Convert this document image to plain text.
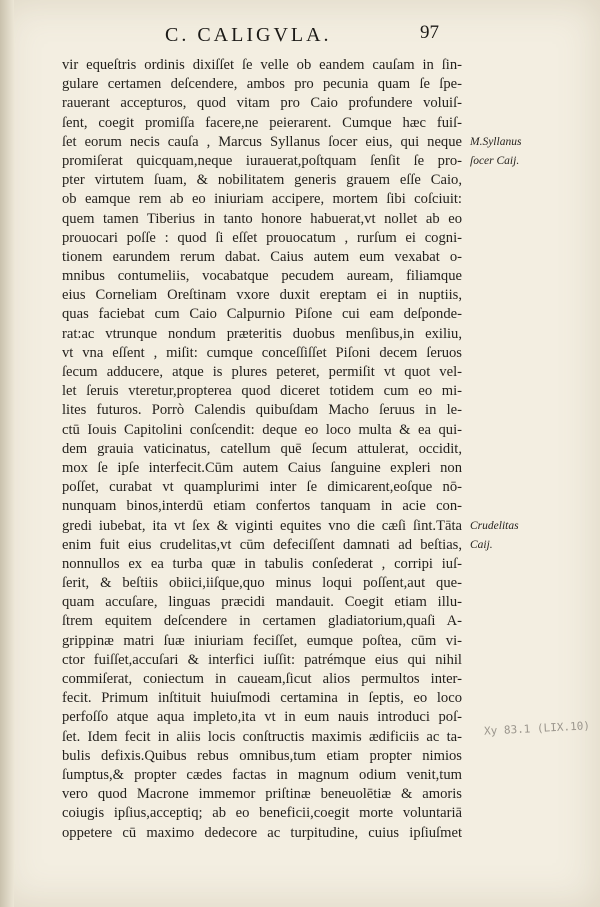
C. CALIGVLA.	97
vir equeſtris ordinis dixiſſet ſe velle ob eandem cauſam in ſin-
gulare certamen deſcendere, ambos pro pecunia quam ſe ſpe-
rauerant accepturos, quod vitam pro Caio profundere voluiſ-
ſent, coegit promiſſa facere,ne peierarent. Cumque hæc fuiſ-
ſet eorum necis cauſa , Marcus Syllanus ſocer eius, qui neque
promiſerat quicquam,neque iurauerat,poſtquam ſenſit ſe pro-
pter virtutem ſuam, & nobilitatem generis grauem eſſe Caio,
ob eamque rem ab eo iniuriam accipere, mortem ſibi coſciuit:
quem tamen Tiberius in tanto honore habuerat,vt nollet ab eo
prouocari poſſe : quod ſi eſſet prouocatum , rurſum ei cogni-
tionem earundem rerum dabat. Caius autem eum vexabat o-
mnibus contumeliis, vocabatque pecudem auream, filiamque
eius Corneliam Oreſtinam vxore duxit ereptam ei in nuptiis,
quas faciebat cum Caio Calpurnio Piſone cui eam deſponde-
rat:ac vtrunque nondum præteritis duobus menſibus,in exiliu,
vt vna eſſent , miſit: cumque conceſſiſſet Piſoni decem ſeruos
ſecum adducere, atque is plures peteret, permiſit vt quot vel-
let ſeruis vteretur,propterea quod diceret totidem cum eo mi-
lites futuros. Porrò Calendis quibuſdam Macho ſeruus in le-
ctū Iouis Capitolini conſcendit: deque eo loco multa & ea qui-
dem grauia vaticinatus, catellum quē ſecum attulerat, occidit,
mox ſe ipſe interfecit.Cūm autem Caius ſanguine expleri non
poſſet, curabat vt quamplurimi inter ſe dimicarent,eoſque nō-
nunquam binos,interdū etiam confertos tanquam in acie con-
gredi iubebat, ita vt ſex & viginti equites vno die cæſi ſint.Tāta
enim fuit eius crudelitas,vt cūm defeciſſent damnati ad beſtias,
nonnullos ex ea turba quæ in tabulis conſederat , corripi iuſ-
ſerit, & beſtiis obiici,iiſque,quo minus loqui poſſent,aut que-
quam accuſare, linguas præcidi mandauit. Coegit etiam illu-
ſtrem equitem deſcendere in certamen gladiatorium,quaſi A-
grippinæ matri ſuæ iniuriam feciſſet, eumque poſtea, cūm vi-
ctor fuiſſet,accuſari & interfici iuſſit: patrémque eius qui nihil
commiſerat, coniectum in caueam,ſicut alios permultos inter-
fecit. Primum inſtituit huiuſmodi certamina in ſeptis, eo loco
perfoſſo atque aqua impleto,ita vt in eum nauis introduci poſ-
ſet. Idem fecit in aliis locis conſtructis maximis ædificiis ac ta-
bulis defixis.Quibus rebus omnibus,tum etiam propter nimios
ſumptus,& propter cædes factas in magnum odium venit,tum
vero quod Macrone immemor priſtinæ beneuolētiæ & amoris
coiugis ipſius,acceptiq; ab eo beneficii,coegit morte voluntariā
oppetere cū maximo dedecore ac turpitudine, cuius ipſiuſmet
M.Syllanus
ſocer Caij.
Crudelitas
Caij.
Xy 83.1 (LIX.10)
